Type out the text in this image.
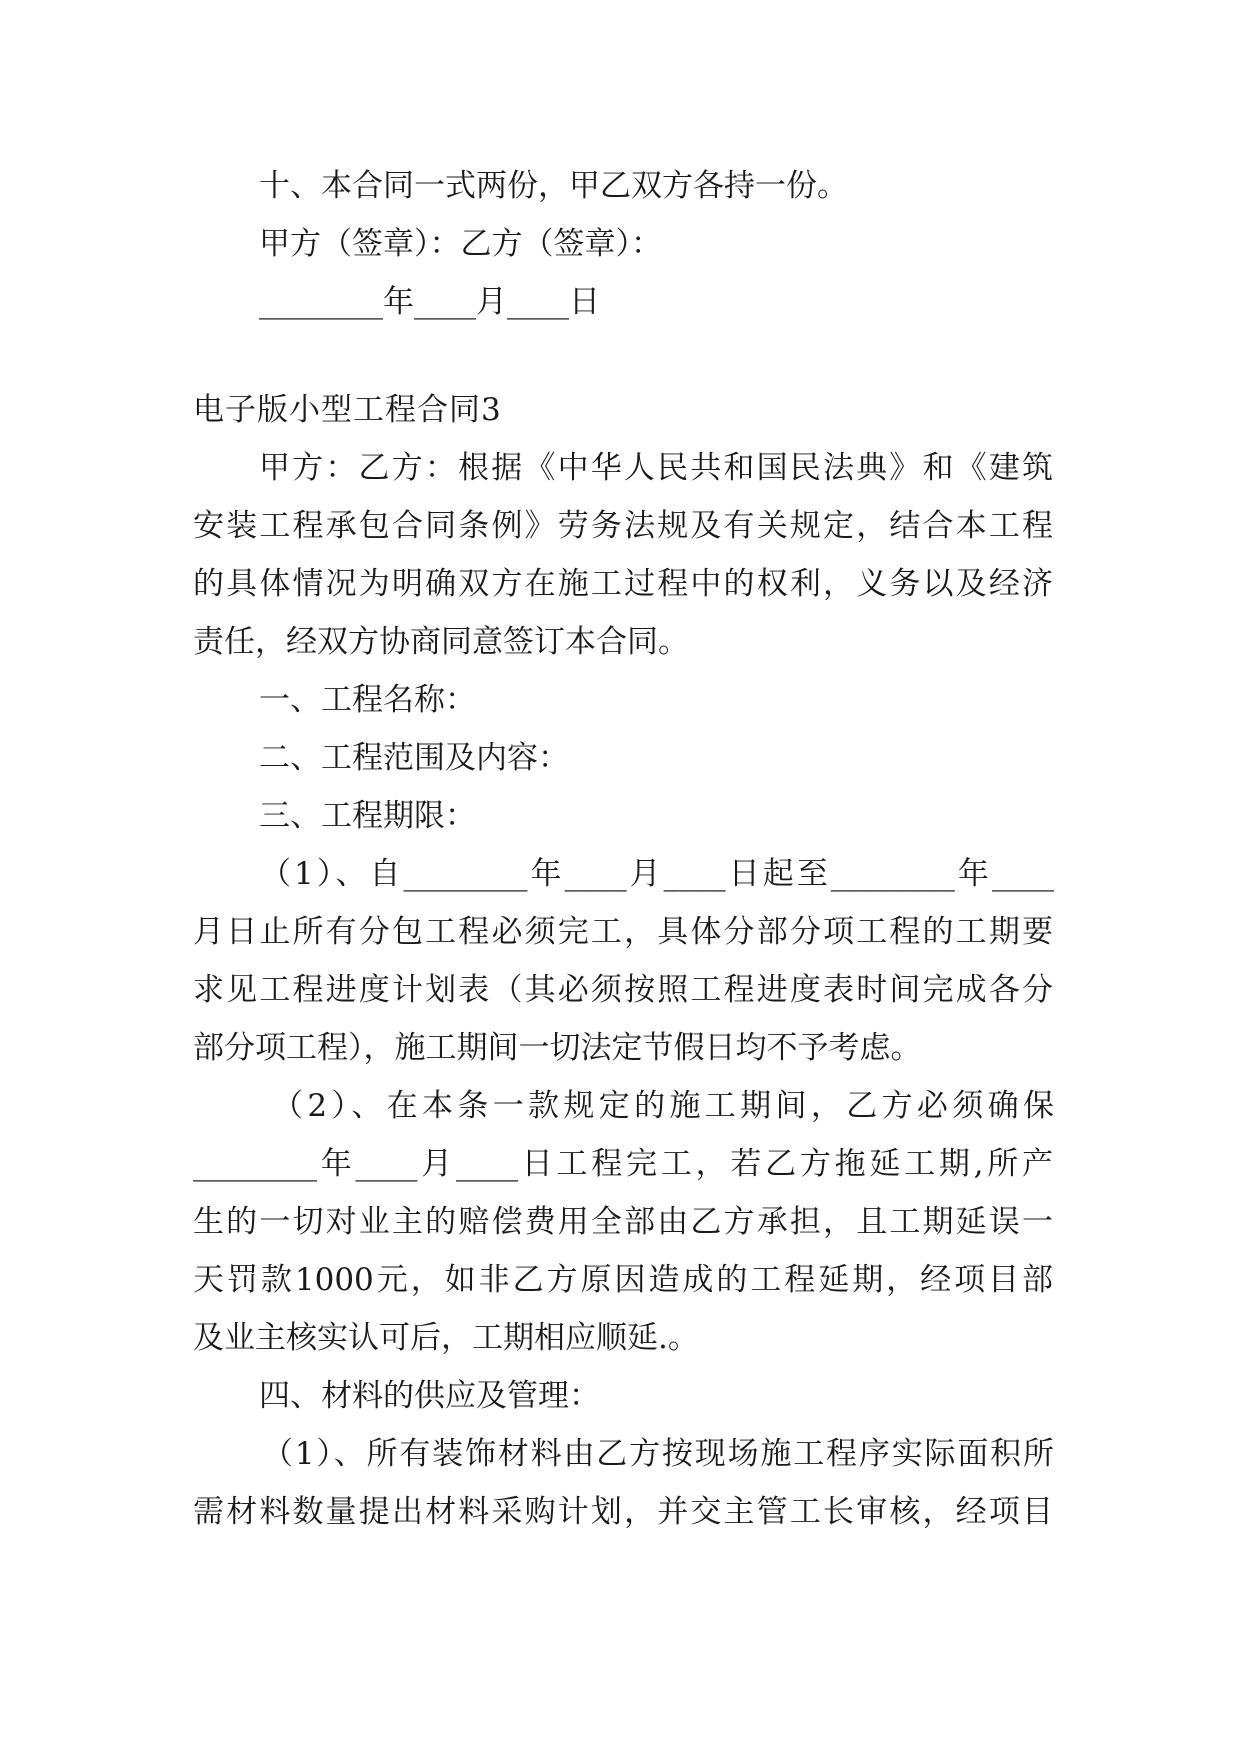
十、本合同一式两份，甲乙双方各持一份。
甲方（签章）：乙方（签章）：
________年____月____日
电子版小型工程合同3
甲方：乙方：根据《中华人民共和国民法典》和《建筑
安装工程承包合同条例》劳务法规及有关规定，结合本工程
的具体情况为明确双方在施工过程中的权利，义务以及经济
责任，经双方协商同意签订本合同。
一、工程名称：
二、工程范围及内容：
三、工程期限：
（1）、自________年____月____日起至________年____
月日止所有分包工程必须完工，具体分部分项工程的工期要
求见工程进度计划表（其必须按照工程进度表时间完成各分
部分项工程），施工期间一切法定节假日均不予考虑。
（2）、在本条一款规定的施工期间，乙方必须确保
________年____月____日工程完工，若乙方拖延工期,所产
生的一切对业主的赔偿费用全部由乙方承担，且工期延误一
天罚款1000元，如非乙方原因造成的工程延期，经项目部
及业主核实认可后，工期相应顺延.。
四、材料的供应及管理：
（1）、所有装饰材料由乙方按现场施工程序实际面积所
需材料数量提出材料采购计划，并交主管工长审核，经项目
